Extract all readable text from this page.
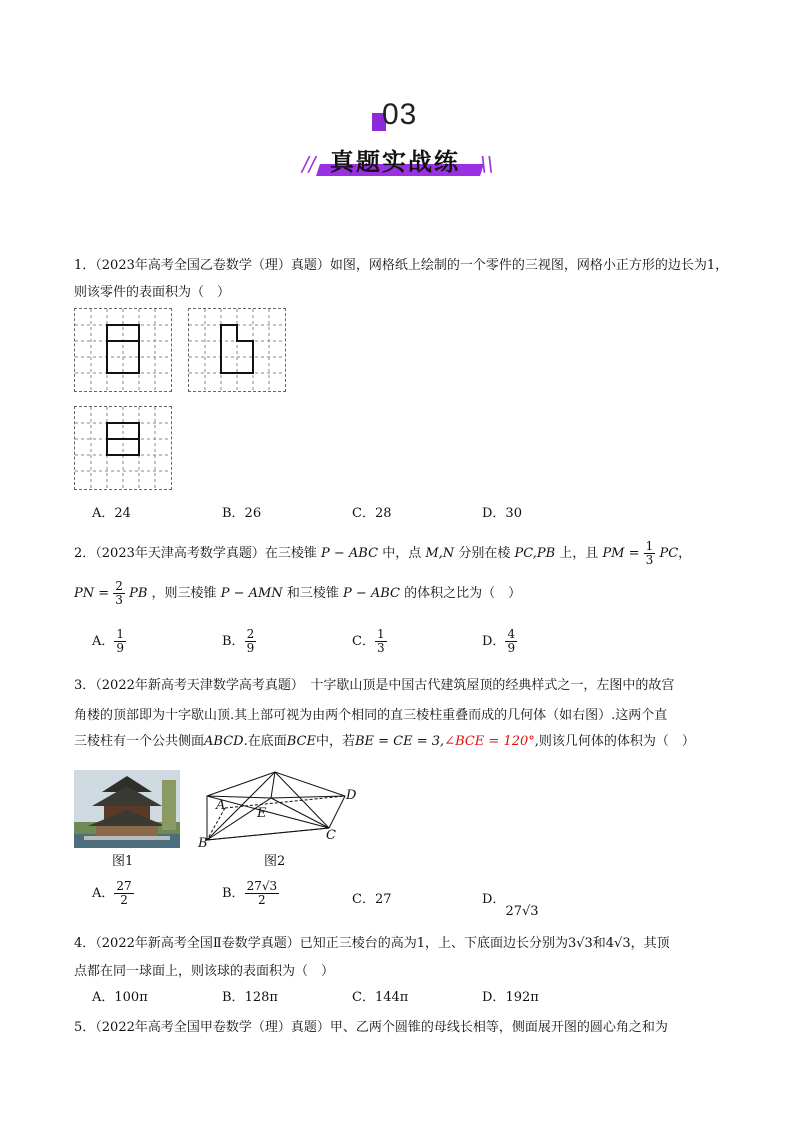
03
// 真题实战练 \\
1．（2023年高考全国乙卷数学（理）真题）如图，网格纸上绘制的一个零件的三视图，网格小正方形的边长为1，则该零件的表面积为（　）
A．24	B．26	C．28	D．30
2．（2023年天津高考数学真题）在三棱锥 P − ABC 中，点 M,N 分别在棱 PC,PB 上，且 PM = $\frac{1}{3}$ PC，
PN = $\frac{2}{3}$ PB ，则三棱锥 P − AMN 和三棱锥 P − ABC 的体积之比为（　）
A． $\frac{1}{9}$	B． $\frac{2}{9}$	C． $\frac{1}{3}$	D． $\frac{4}{9}$
3．（2022年新高考天津数学高考真题）　十字歇山顶是中国古代建筑屋顶的经典样式之一，左图中的故宫
角楼的顶部即为十字歇山顶.其上部可视为由两个相同的直三棱柱重叠而成的几何体（如右图）.这两个直
三棱柱有一个公共侧面ABCD.在底面BCE中，若BE = CE = 3,∠BCE = 120°,则该几何体的体积为（　）
图1
A
E
D
C
B
图2
A． $\frac{27}{2}$	B． $\frac{27√3}{2}$	C．27	D．27√3
4．（2022年新高考全国Ⅱ卷数学真题）已知正三棱台的高为1，上、下底面边长分别为3√3和4√3，其顶
点都在同一球面上，则该球的表面积为（　）
A．100π	B．128π	C．144π	D．192π
5．（2022年高考全国甲卷数学（理）真题）甲、乙两个圆锥的母线长相等，侧面展开图的圆心角之和为
